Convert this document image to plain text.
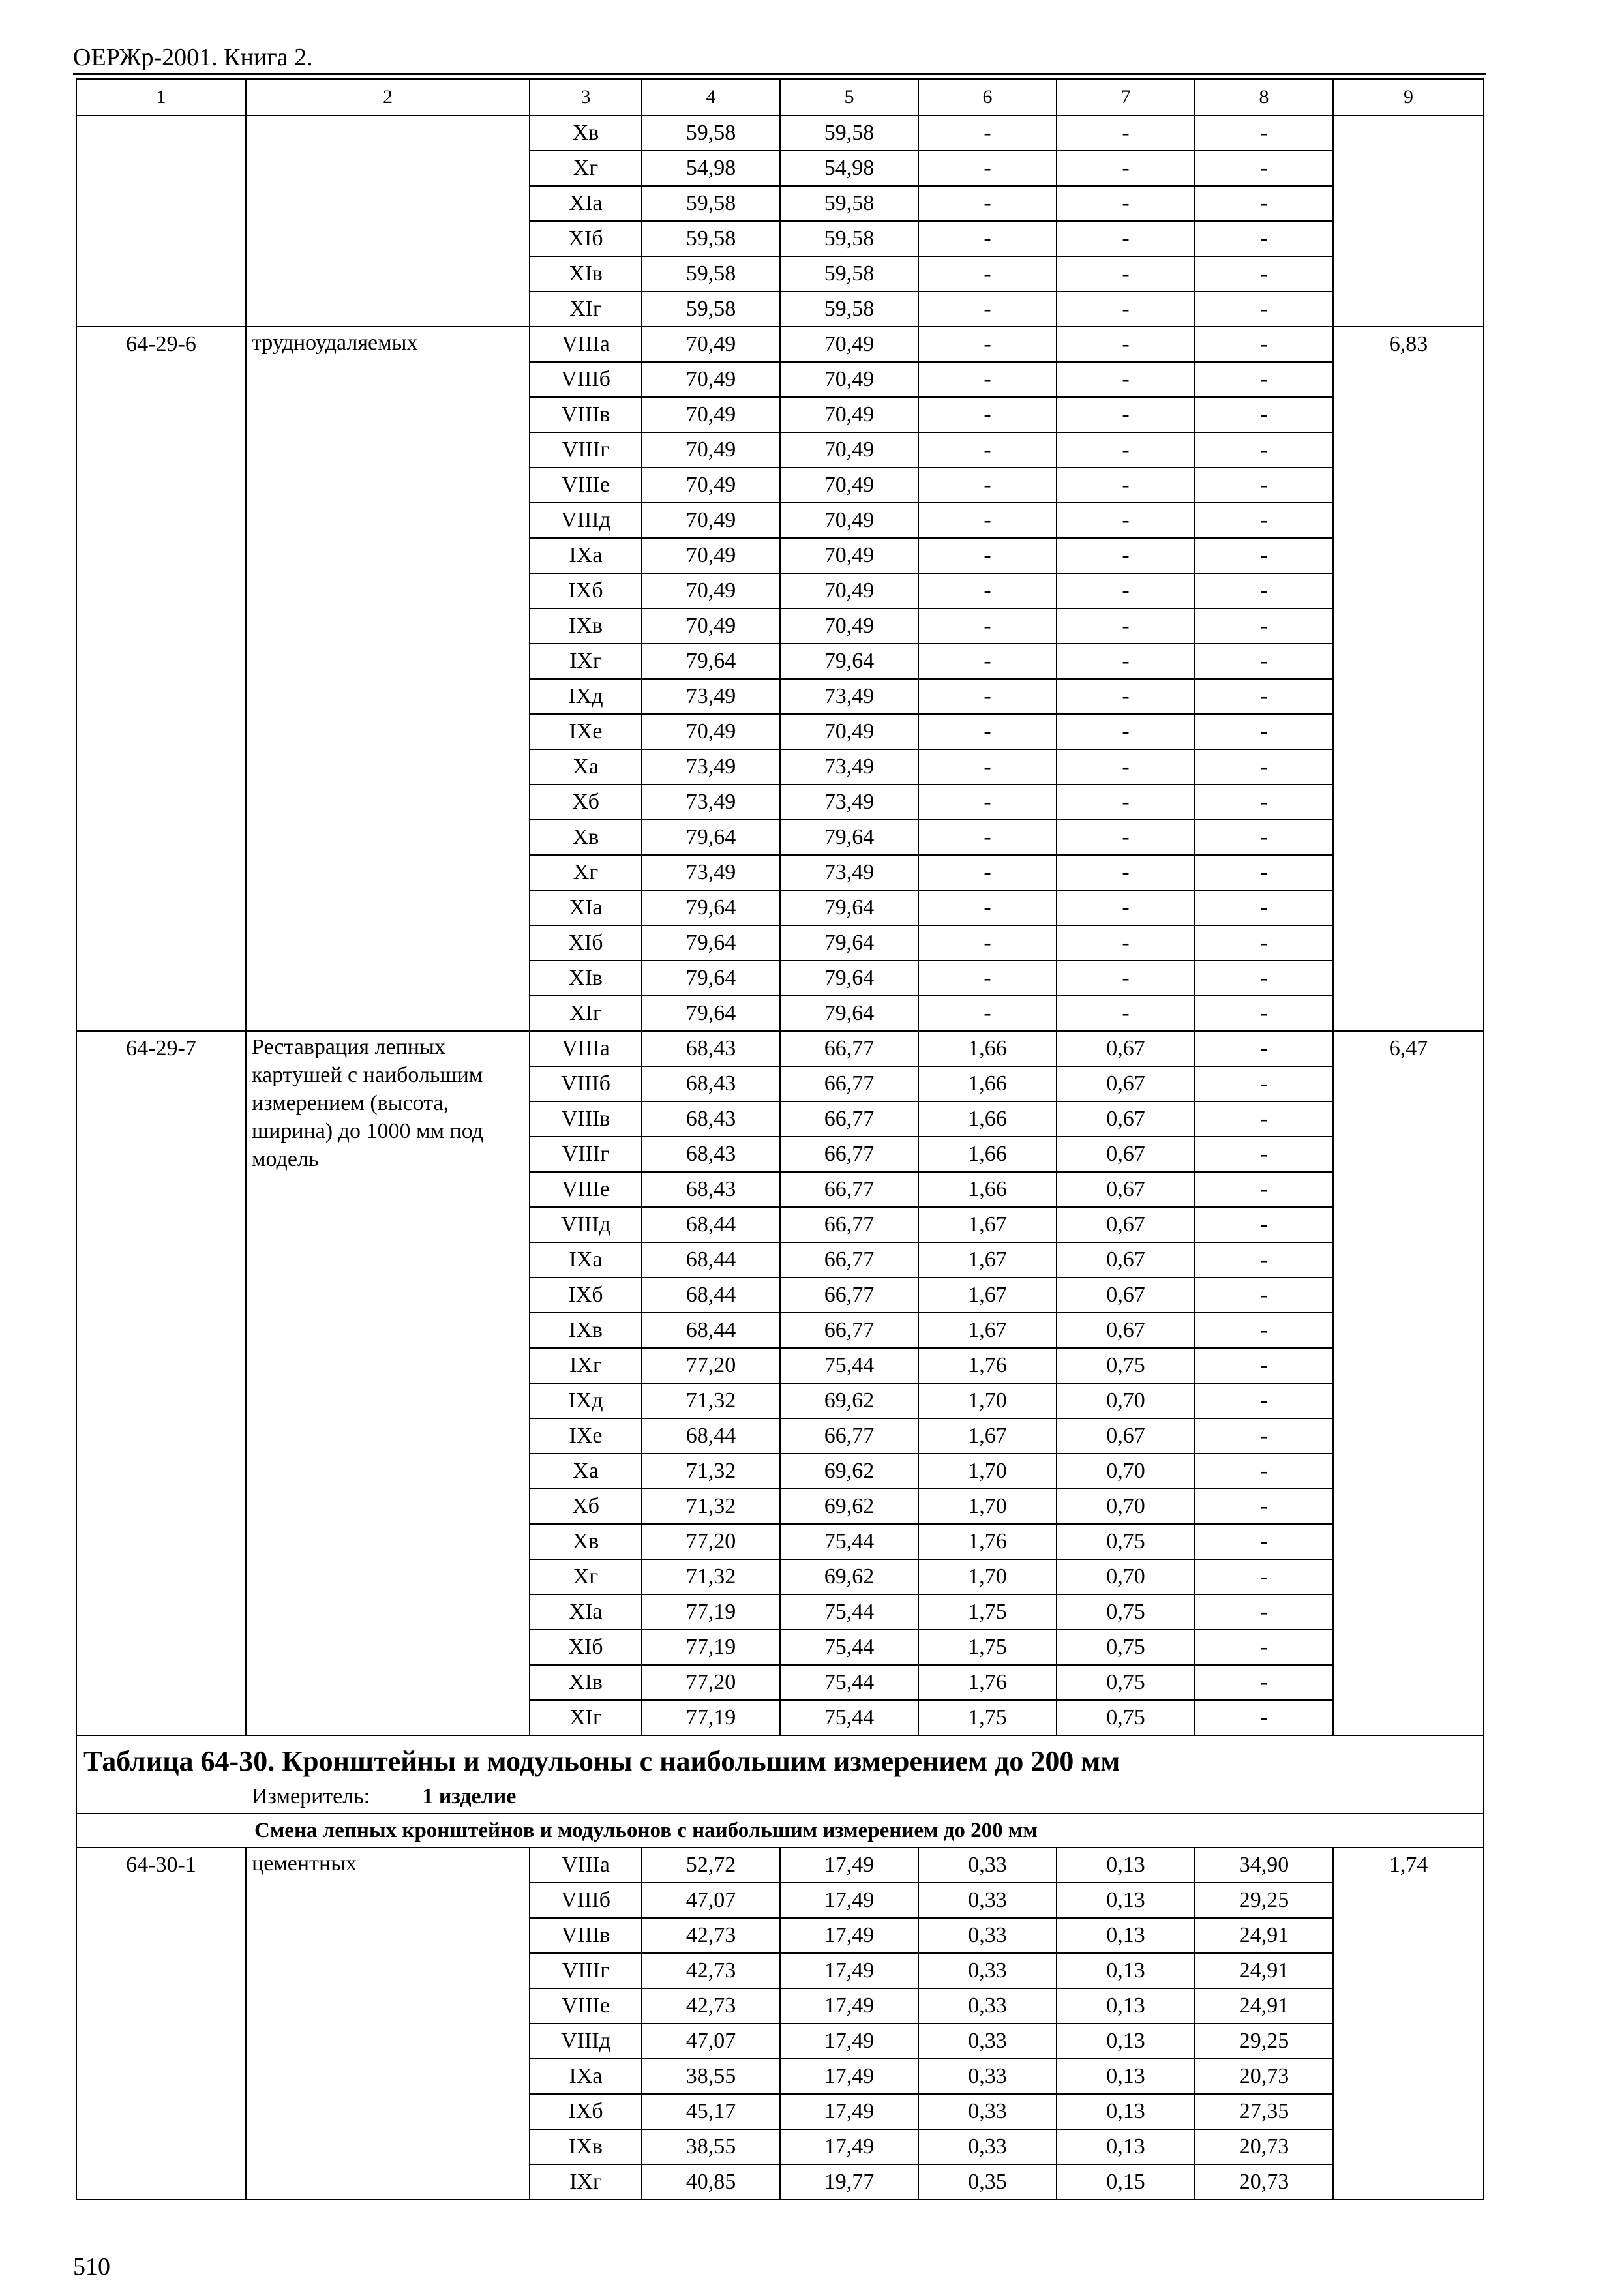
ОЕРЖр-2001. Книга 2.
1	2	3	4	5	6	7	8	9
		Хв	59,58	59,58	-	-	-	
		Хг	54,98	54,98	-	-	-	
		ХIа	59,58	59,58	-	-	-	
		ХIб	59,58	59,58	-	-	-	
		ХIв	59,58	59,58	-	-	-	
		ХIг	59,58	59,58	-	-	-	
64-29-6	трудноудаляемых	VIIIа	70,49	70,49	-	-	-	6,83
		VIIIб	70,49	70,49	-	-	-	
		VIIIв	70,49	70,49	-	-	-	
		VIIIг	70,49	70,49	-	-	-	
		VIIIе	70,49	70,49	-	-	-	
		VIIIд	70,49	70,49	-	-	-	
		IХа	70,49	70,49	-	-	-	
		IХб	70,49	70,49	-	-	-	
		IХв	70,49	70,49	-	-	-	
		IХг	79,64	79,64	-	-	-	
		IХд	73,49	73,49	-	-	-	
		IХе	70,49	70,49	-	-	-	
		Ха	73,49	73,49	-	-	-	
		Хб	73,49	73,49	-	-	-	
		Хв	79,64	79,64	-	-	-	
		Хг	73,49	73,49	-	-	-	
		ХIа	79,64	79,64	-	-	-	
		ХIб	79,64	79,64	-	-	-	
		ХIв	79,64	79,64	-	-	-	
		ХIг	79,64	79,64	-	-	-	
64-29-7	Реставрация лепных картушей с наибольшим измерением (высота, ширина) до 1000 мм под модель	VIIIа	68,43	66,77	1,66	0,67	-	6,47
		VIIIб	68,43	66,77	1,66	0,67	-	
		VIIIв	68,43	66,77	1,66	0,67	-	
		VIIIг	68,43	66,77	1,66	0,67	-	
		VIIIе	68,43	66,77	1,66	0,67	-	
		VIIIд	68,44	66,77	1,67	0,67	-	
		IХа	68,44	66,77	1,67	0,67	-	
		IХб	68,44	66,77	1,67	0,67	-	
		IХв	68,44	66,77	1,67	0,67	-	
		IХг	77,20	75,44	1,76	0,75	-	
		IХд	71,32	69,62	1,70	0,70	-	
		IХе	68,44	66,77	1,67	0,67	-	
		Ха	71,32	69,62	1,70	0,70	-	
		Хб	71,32	69,62	1,70	0,70	-	
		Хв	77,20	75,44	1,76	0,75	-	
		Хг	71,32	69,62	1,70	0,70	-	
		ХIа	77,19	75,44	1,75	0,75	-	
		ХIб	77,19	75,44	1,75	0,75	-	
		ХIв	77,20	75,44	1,76	0,75	-	
		ХIг	77,19	75,44	1,75	0,75	-	

Таблица 64-30. Кронштейны и модульоны с наибольшим измерением до 200 мм
Измеритель: 1 изделие								

Смена лепных кронштейнов и модульонов с наибольшим измерением до 200 мм								
64-30-1	цементных	VIIIа	52,72	17,49	0,33	0,13	34,90	1,74
		VIIIб	47,07	17,49	0,33	0,13	29,25	
		VIIIв	42,73	17,49	0,33	0,13	24,91	
		VIIIг	42,73	17,49	0,33	0,13	24,91	
		VIIIе	42,73	17,49	0,33	0,13	24,91	
		VIIIд	47,07	17,49	0,33	0,13	29,25	
		IХа	38,55	17,49	0,33	0,13	20,73	
		IХб	45,17	17,49	0,33	0,13	27,35	
		IХв	38,55	17,49	0,33	0,13	20,73	
		IХг	40,85	19,77	0,35	0,15	20,73	
510
